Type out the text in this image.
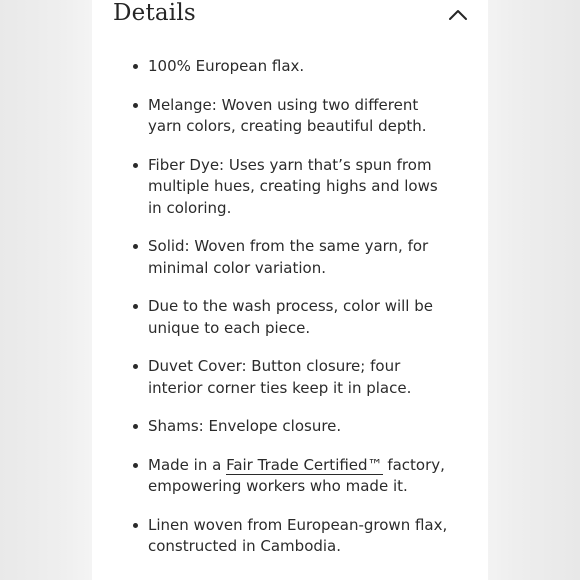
Details
100% European flax.
Melange: Woven using two different yarn colors, creating beautiful depth.
Fiber Dye: Uses yarn that’s spun from multiple hues, creating highs and lows in coloring.
Solid: Woven from the same yarn, for minimal color variation.
Due to the wash process, color will be unique to each piece.
Duvet Cover: Button closure; four interior corner ties keep it in place.
Shams: Envelope closure.
Made in a Fair Trade Certified™ factory, empowering workers who made it.
Linen woven from European-grown flax, constructed in Cambodia.
